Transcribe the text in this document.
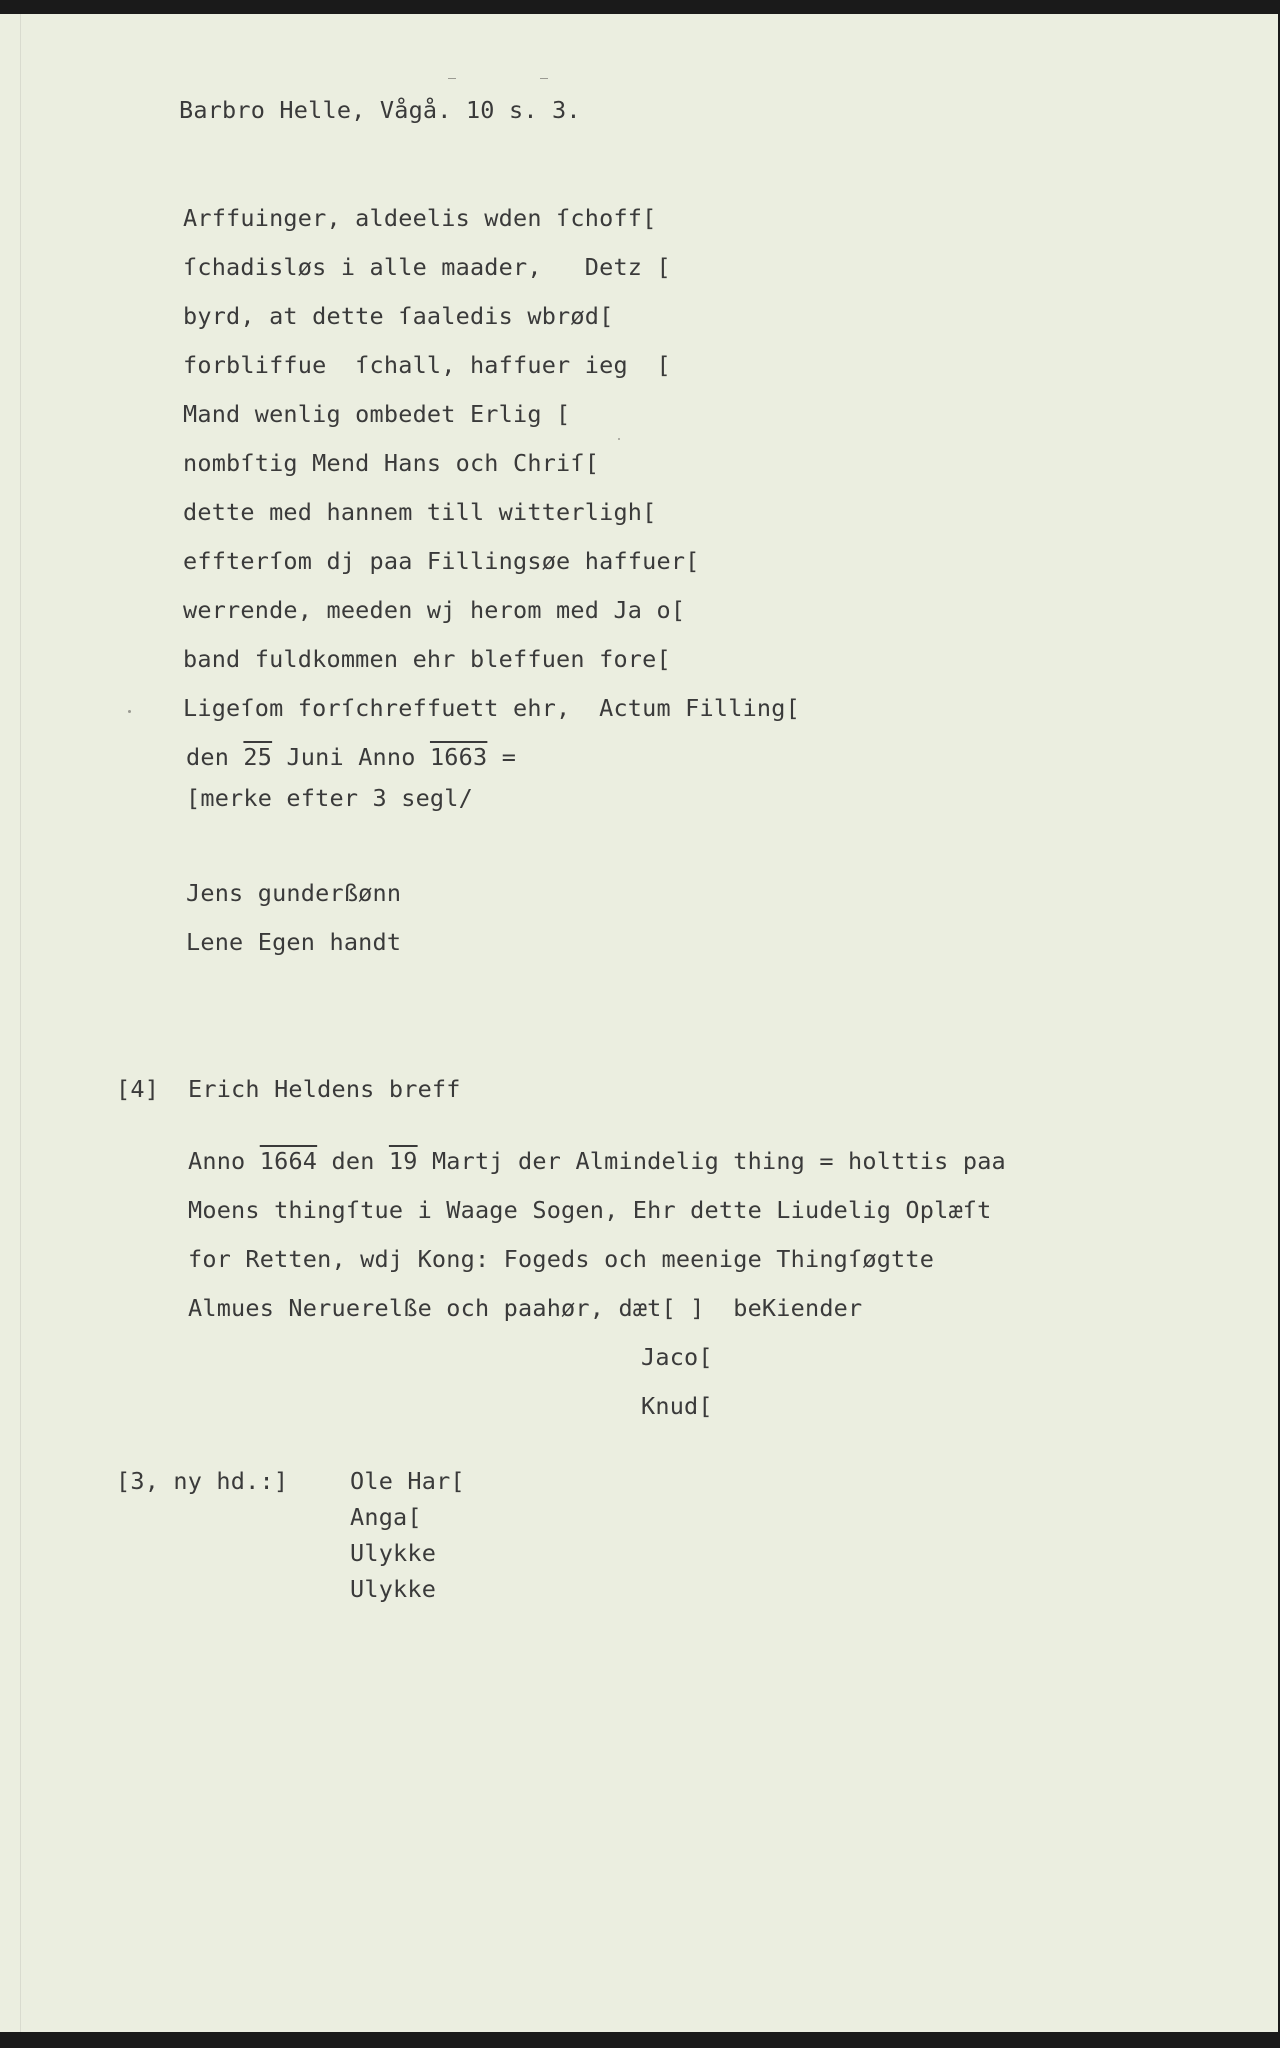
Barbro Helle, Vågå. 10 s. 3.
Arffuinger, aldeelis wden ſchoff[
ſchadisløs i alle maader,   Detz [
byrd, at dette ſaaledis wbrød[
forbliffue  ſchall, haffuer ieg  [
Mand wenlig ombedet Erlig [
nombſtig Mend Hans och Chriſ[
dette med hannem till witterligh[
effterſom dj paa Fillingsøe haffuer[
werrende, meeden wj herom med Ja o[
band fuldkommen ehr bleffuen fore[
Ligeſom forſchreffuett ehr,  Actum Filling[
den 25 Juni Anno 1663 =
[merke efter 3 segl/
Jens gunderßønn
Lene Egen handt
[4] Erich Heldens breff
Anno 1664 den 19 Martj der Almindelig thing = holttis paa
Moens thingſtue i Waage Sogen, Ehr dette Liudelig Oplæſt
for Retten, wdj Kong: Fogeds och meenige Thingſøgtte
Almues Neruerelße och paahør, dæt[ ]  beKiender
Jaco[
Knud[
[3, ny hd.:]	Ole Har[
Anga[
Ulykke
Ulykke
